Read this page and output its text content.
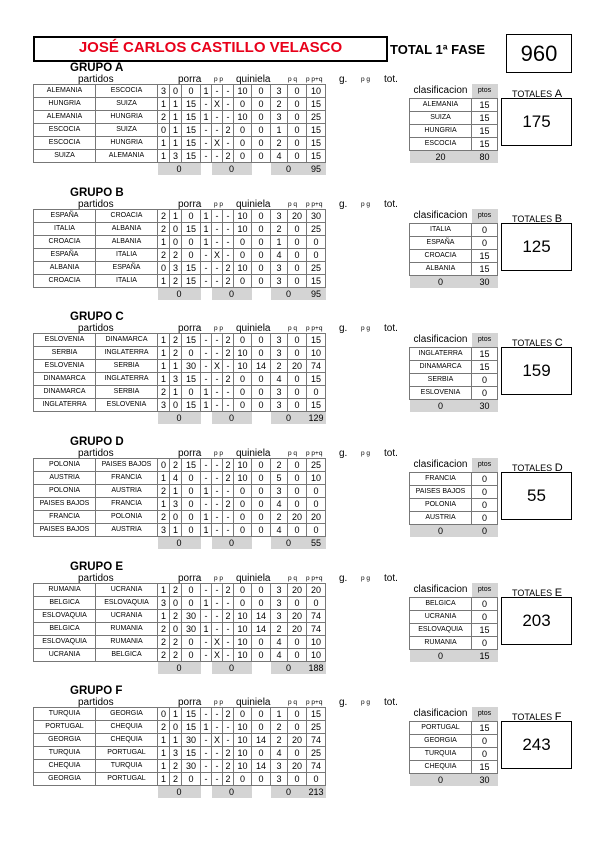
JOSÉ CARLOS CASTILLO VELASCO	TOTAL 1ª FASE	960
GRUPO A
partidos	porra p p quiniela	p q p p+q g. p g tot.
ALEMANIA	ESCOCIA	3	0	0	1	-	-	10	0	3	0	10
HUNGRIA	SUIZA	1	1	15	-	X	-	0	0	2	0	15
ALEMANIA	HUNGRIA	2	1	15	1	-	-	10	0	3	0	25
ESCOCIA	SUIZA	0	1	15	-	-	2	0	0	1	0	15
ESCOCIA	HUNGRIA	1	1	15	-	X	-	0	0	2	0	15
SUIZA	ALEMANIA	1	3	15	-	-	2	0	0	4	0	15
		0				0				0		95
clasificacion	ptos
ALEMANIA	15
SUIZA	15
HUNGRIA	15
ESCOCIA	15
20	80
TOTALES A
175
GRUPO B
partidos	porra p p quiniela	p q p p+q g. p g tot.
ESPAÑA	CROACIA	2	1	0	1	-	-	10	0	3	20	30
ITALIA	ALBANIA	2	0	15	1	-	-	10	0	2	0	25
CROACIA	ALBANIA	1	0	0	1	-	-	0	0	1	0	0
ESPAÑA	ITALIA	2	2	0	-	X	-	0	0	4	0	0
ALBANIA	ESPAÑA	0	3	15	-	-	2	10	0	3	0	25
CROACIA	ITALIA	1	2	15	-	-	2	0	0	3	0	15
		0				0				0		95
clasificacion	ptos
ITALIA	0
ESPAÑA	0
CROACIA	15
ALBANIA	15
0	30
TOTALES B
125
GRUPO C
partidos	porra p p quiniela	p q p p+q g. p g tot.
ESLOVENIA	DINAMARCA	1	2	15	-	-	2	0	0	3	0	15
SERBIA	INGLATERRA	1	2	0	-	-	2	10	0	3	0	10
ESLOVENIA	SERBIA	1	1	30	-	X	-	10	14	2	20	74
DINAMARCA	INGLATERRA	1	3	15	-	-	2	0	0	4	0	15
DINAMARCA	SERBIA	2	1	0	1	-	-	0	0	3	0	0
INGLATERRA	ESLOVENIA	3	0	15	1	-	-	0	0	3	0	15
		0				0				0		129
clasificacion	ptos
INGLATERRA	15
DINAMARCA	15
SERBIA	0
ESLOVENIA	0
0	30
TOTALES C
159
GRUPO D
partidos	porra p p quiniela	p q p p+q g. p g tot.
POLONIA	PAISES BAJOS	0	2	15	-	-	2	10	0	2	0	25
AUSTRIA	FRANCIA	1	4	0	-	-	2	10	0	5	0	10
POLONIA	AUSTRIA	2	1	0	1	-	-	0	0	3	0	0
PAISES BAJOS	FRANCIA	1	3	0	-	-	2	0	0	4	0	0
FRANCIA	POLONIA	2	0	0	1	-	-	0	0	2	20	20
PAISES BAJOS	AUSTRIA	3	1	0	1	-	-	0	0	4	0	0
		0				0				0		55
clasificacion	ptos
FRANCIA	0
PAISES BAJOS	0
POLONIA	0
AUSTRIA	0
0	0
TOTALES D
55
GRUPO E
partidos	porra p p quiniela	p q p p+q g. p g tot.
RUMANIA	UCRANIA	1	2	0	-	-	2	0	0	3	20	20
BELGICA	ESLOVAQUIA	3	0	0	1	-	-	0	0	3	0	0
ESLOVAQUIA	UCRANIA	1	2	30	-	-	2	10	14	3	20	74
BELGICA	RUMANIA	2	0	30	1	-	-	10	14	2	20	74
ESLOVAQUIA	RUMANIA	2	2	0	-	X	-	10	0	4	0	10
UCRANIA	BELGICA	2	2	0	-	X	-	10	0	4	0	10
		0				0				0		188
clasificacion	ptos
BELGICA	0
UCRANIA	0
ESLOVAQUIA	15
RUMANIA	0
0	15
TOTALES E
203
GRUPO F
partidos	porra p p quiniela	p q p p+q g. p g tot.
TURQUIA	GEORGIA	0	1	15	-	-	2	0	0	1	0	15
PORTUGAL	CHEQUIA	2	0	15	1	-	-	10	0	2	0	25
GEORGIA	CHEQUIA	1	1	30	-	X	-	10	14	2	20	74
TURQUIA	PORTUGAL	1	3	15	-	-	2	10	0	4	0	25
CHEQUIA	TURQUIA	1	2	30	-	-	2	10	14	3	20	74
GEORGIA	PORTUGAL	1	2	0	-	-	2	0	0	3	0	0
		0				0				0		213
clasificacion	ptos
PORTUGAL	15
GEORGIA	0
TURQUIA	0
CHEQUIA	15
0	30
TOTALES F
243
